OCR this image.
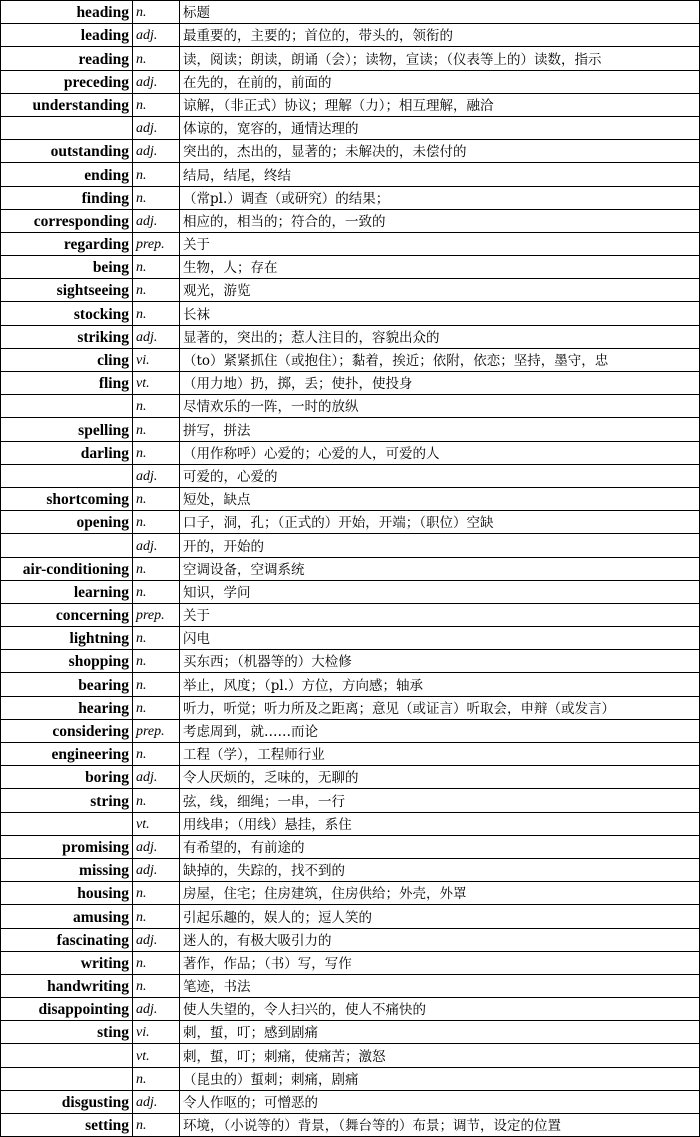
heading	n.	标题
leading	adj.	最重要的，主要的；首位的，带头的，领衔的
reading	n.	读，阅读；朗读，朗诵（会）；读物，宣读；（仪表等上的）读数，指示
preceding	adj.	在先的，在前的，前面的
understanding	n.	谅解，（非正式）协议；理解（力）；相互理解，融洽
	adj.	体谅的，宽容的，通情达理的
outstanding	adj.	突出的，杰出的，显著的；未解决的，未偿付的
ending	n.	结局，结尾，终结
finding	n.	（常pl.）调查（或研究）的结果；
corresponding	adj.	相应的，相当的；符合的，一致的
regarding	prep.	关于
being	n.	生物，人；存在
sightseeing	n.	观光，游览
stocking	n.	长袜
striking	adj.	显著的，突出的；惹人注目的，容貌出众的
cling	vi.	（to）紧紧抓住（或抱住）；黏着，挨近；依附，依恋；坚持，墨守，忠
fling	vt.	（用力地）扔，掷，丢；使扑，使投身
	n.	尽情欢乐的一阵，一时的放纵
spelling	n.	拼写，拼法
darling	n.	（用作称呼）心爱的；心爱的人，可爱的人
	adj.	可爱的，心爱的
shortcoming	n.	短处，缺点
opening	n.	口子，洞，孔；（正式的）开始，开端；（职位）空缺
	adj.	开的，开始的
air-conditioning	n.	空调设备，空调系统
learning	n.	知识，学问
concerning	prep.	关于
lightning	n.	闪电
shopping	n.	买东西；（机器等的）大检修
bearing	n.	举止，风度；（pl.）方位，方向感；轴承
hearing	n.	听力，听觉；听力所及之距离；意见（或证言）听取会，申辩（或发言）
considering	prep.	考虑周到，就……而论
engineering	n.	工程（学），工程师行业
boring	adj.	令人厌烦的，乏味的，无聊的
string	n.	弦，线，细绳；一串，一行
	vt.	用线串；（用线）悬挂，系住
promising	adj.	有希望的，有前途的
missing	adj.	缺掉的，失踪的，找不到的
housing	n.	房屋，住宅；住房建筑，住房供给；外壳，外罩
amusing	n.	引起乐趣的，娱人的；逗人笑的
fascinating	adj.	迷人的，有极大吸引力的
writing	n.	著作，作品；（书）写，写作
handwriting	n.	笔迹，书法
disappointing	adj.	使人失望的，令人扫兴的，使人不痛快的
sting	vi.	刺，蜇，叮；感到剧痛
	vt.	刺，蜇，叮；刺痛，使痛苦；激怒
	n.	（昆虫的）蜇刺；刺痛，剧痛
disgusting	adj.	令人作呕的；可憎恶的
setting	n.	环境，（小说等的）背景，（舞台等的）布景；调节，设定的位置
